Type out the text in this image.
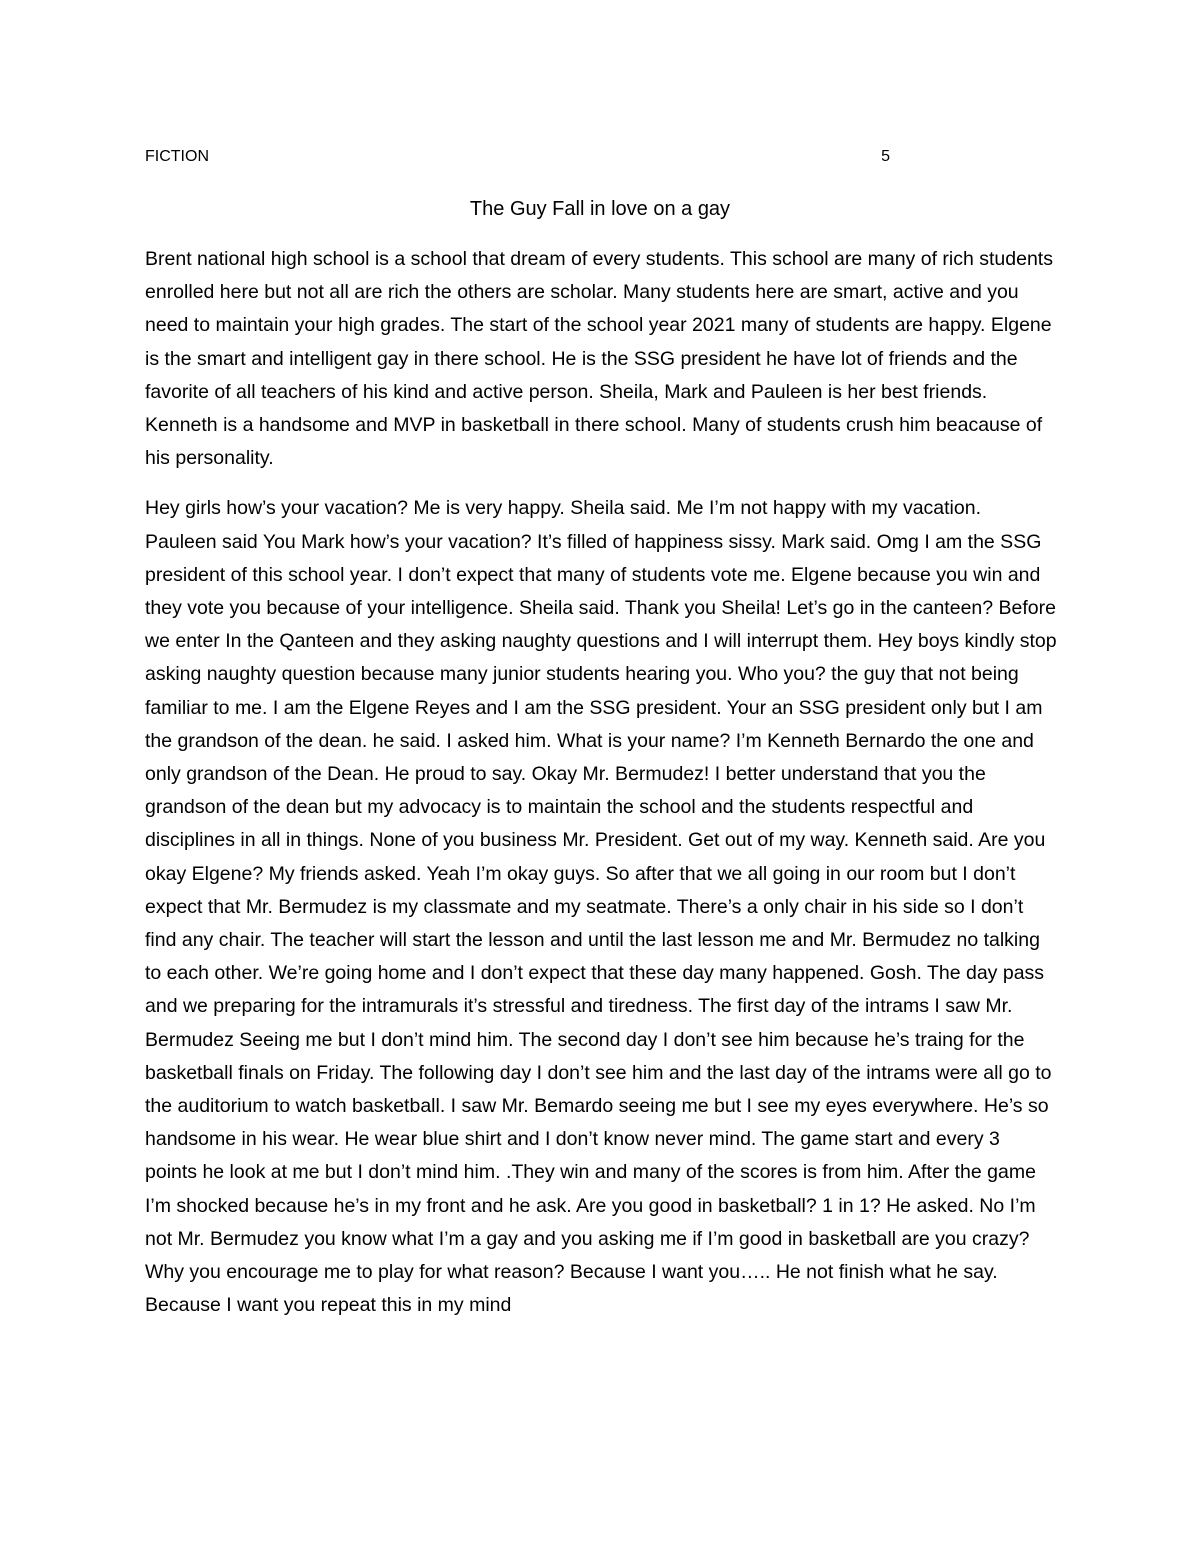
FICTION	5
The Guy Fall in love on a gay

Brent national high school is a school that dream of every students. This school are many of rich students enrolled here but not all are rich the others are scholar. Many students here are smart, active and you need to maintain your high grades. The start of the school year 2021 many of students are happy. Elgene is the smart and intelligent gay in there school. He is the SSG president he have lot of friends and the favorite of all teachers of his kind and active person. Sheila, Mark and Pauleen is her best friends. Kenneth is a handsome and MVP in basketball in there school. Many of students crush him beacause of his personality.

Hey girls how’s your vacation? Me is very happy. Sheila said. Me I’m not happy with my vacation. Pauleen said You Mark how’s your vacation? It’s filled of happiness sissy. Mark said. Omg I am the SSG president of this school year. I don’t expect that many of students vote me. Elgene because you win and they vote you because of your intelligence. Sheila said. Thank you Sheila! Let’s go in the canteen? Before we enter In the Qanteen and they asking naughty questions and I will interrupt them. Hey boys kindly stop asking naughty question because many junior students hearing you. Who you? the guy that not being familiar to me. I am the Elgene Reyes and I am the SSG president. Your an SSG president only but I am the grandson of the dean. he said. I asked him. What is your name? I’m Kenneth Bernardo the one and only grandson of the Dean. He proud to say. Okay Mr. Bermudez! I better understand that you the grandson of the dean but my advocacy is to maintain the school and the students respectful and disciplines in all in things. None of you business Mr. President. Get out of my way. Kenneth said. Are you okay Elgene? My friends asked. Yeah I’m okay guys. So after that we all going in our room but I don’t expect that Mr. Bermudez is my classmate and my seatmate. There’s a only chair in his side so I don’t find any chair. The teacher will start the lesson and until the last lesson me and Mr. Bermudez no talking to each other. We’re going home and I don’t expect that these day many happened. Gosh. The day pass and we preparing for the intramurals it’s stressful and tiredness. The first day of the intrams I saw Mr. Bermudez Seeing me but I don’t mind him. The second day I don’t see him because he’s traing for the basketball finals on Friday. The following day I don’t see him and the last day of the intrams were all go to the auditorium to watch basketball. I saw Mr. Bemardo seeing me but I see my eyes everywhere. He’s so handsome in his wear. He wear blue shirt and I don’t know never mind. The game start and every 3 points he look at me but I don’t mind him. .They win and many of the scores is from him. After the game I’m shocked because he’s in my front and he ask. Are you good in basketball? 1 in 1? He asked. No I’m not Mr. Bermudez you know what I’m a gay and you asking me if I’m good in basketball are you crazy? Why you encourage me to play for what reason? Because I want you….. He not finish what he say. Because I want you repeat this in my mind
